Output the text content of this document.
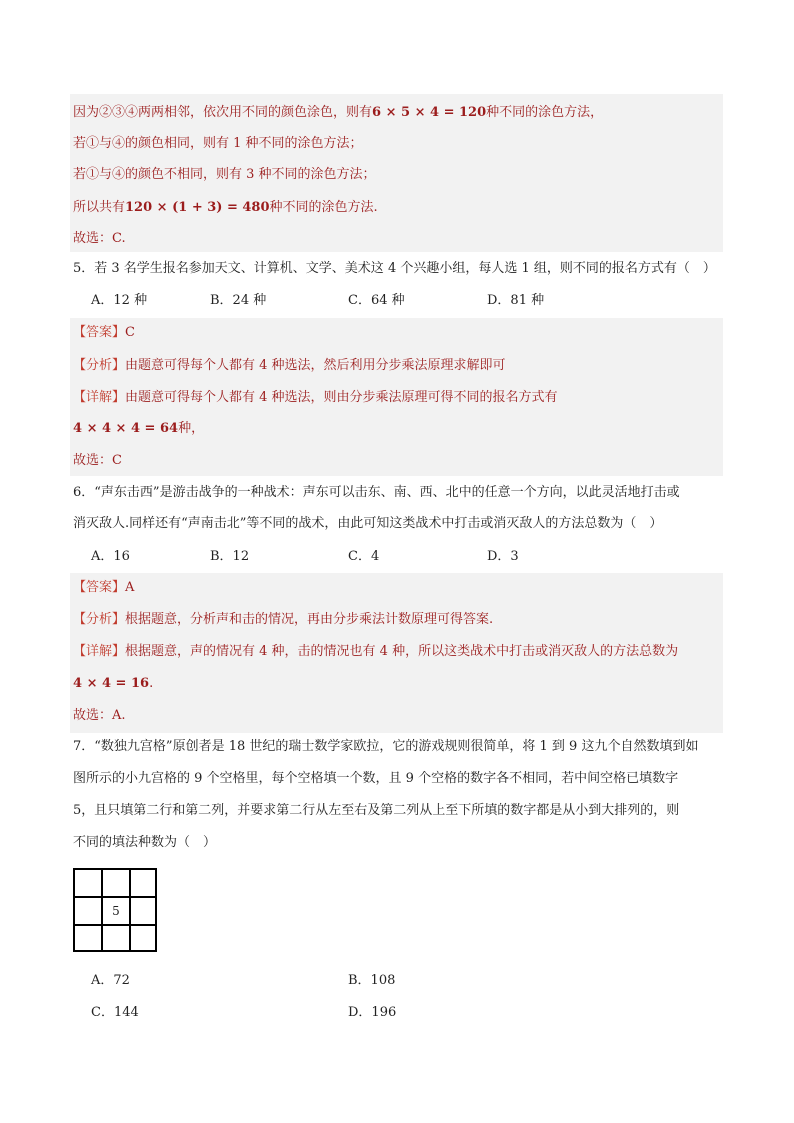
因为②③④两两相邻，依次用不同的颜色涂色，则有6 × 5 × 4 = 120种不同的涂色方法，
若①与④的颜色相同，则有 1 种不同的涂色方法；
若①与④的颜色不相同，则有 3 种不同的涂色方法；
所以共有120 × (1 + 3) = 480种不同的涂色方法.
故选：C.
5．若 3 名学生报名参加天文、计算机、文学、美术这 4 个兴趣小组，每人选 1 组，则不同的报名方式有（　）
A．12 种	B．24 种	C．64 种	D．81 种
【答案】C
【分析】由题意可得每个人都有 4 种选法，然后利用分步乘法原理求解即可
【详解】由题意可得每个人都有 4 种选法，则由分步乘法原理可得不同的报名方式有
4 × 4 × 4 = 64种，
故选：C
6．“声东击西”是游击战争的一种战术：声东可以击东、南、西、北中的任意一个方向，以此灵活地打击或
消灭敌人.同样还有“声南击北”等不同的战术，由此可知这类战术中打击或消灭敌人的方法总数为（　）
A．16	B．12	C．4	D．3
【答案】A
【分析】根据题意，分析声和击的情况，再由分步乘法计数原理可得答案.
【详解】根据题意，声的情况有 4 种，击的情况也有 4 种，所以这类战术中打击或消灭敌人的方法总数为
4 × 4 = 16.
故选：A.
7．“数独九宫格”原创者是 18 世纪的瑞士数学家欧拉，它的游戏规则很简单，将 1 到 9 这九个自然数填到如
图所示的小九宫格的 9 个空格里，每个空格填一个数，且 9 个空格的数字各不相同，若中间空格已填数字
5，且只填第二行和第二列，并要求第二行从左至右及第二列从上至下所填的数字都是从小到大排列的，则
不同的填法种数为（　）
5
A．72	B．108
C．144	D．196
